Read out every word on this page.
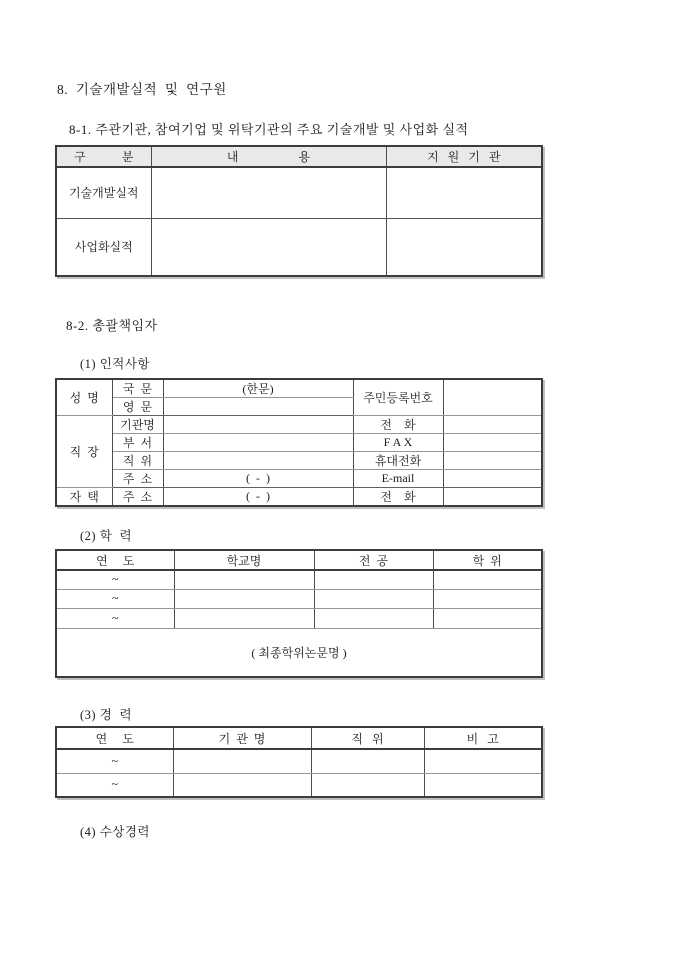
8.  기술개발실적  및  연구원
8-1. 주관기관, 참여기업 및 위탁기관의 주요 기술개발 및 사업화 실적
구            분	내                    용	지   원   기   관
기술개발실적		
사업화실적		
8-2. 총괄책임자
(1) 인적사항
성  명	국  문	(한문)	주민등록번호	
	영  문			
직  장	기관명		전    화	
	부  서		F A X	
	직  위		휴대전화	
	주  소	(  -  )	E-mail	
자  택	주  소	(  -  )	전    화	
(2) 학  력
연     도	학교명	전  공	학  위
~			
~			
~			
( 최종학위논문명 )			
(3) 경  력
연     도	기  관  명	직   위	비   고
~			
~			
(4) 수상경력
